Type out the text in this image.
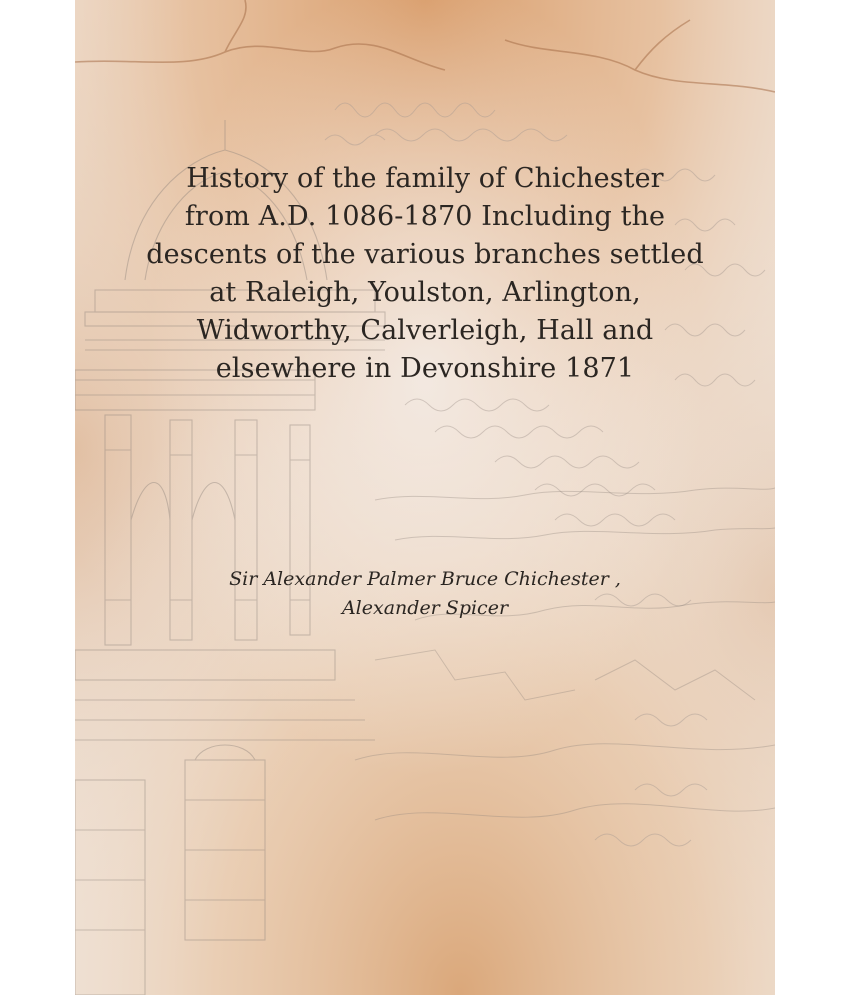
History of the family of Chichester
from A.D. 1086-1870 Including the
descents of the various branches settled
at Raleigh, Youlston, Arlington,
Widworthy, Calverleigh, Hall and
elsewhere in Devonshire 1871
Sir Alexander Palmer Bruce Chichester ,
Alexander Spicer
